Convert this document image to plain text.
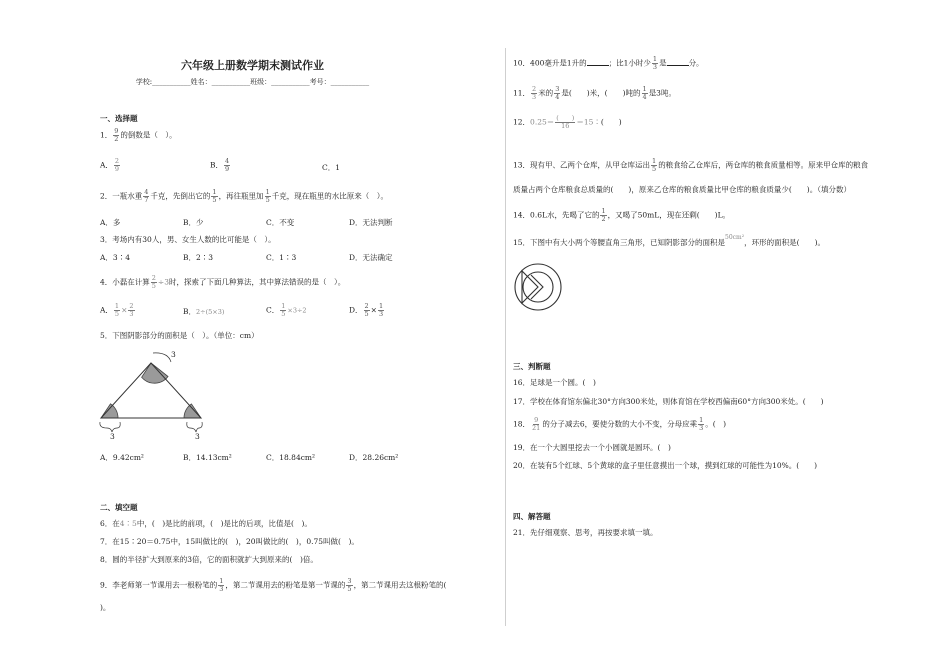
六年级上册数学期末测试作业
学校:___________姓名：___________班级：___________考号：___________
一、选择题
1． $\frac{9}{2}$ 的倒数是（　）。
A． $\frac{2}{9}$	B． $\frac{4}{9}$	C．1
2．一瓶水重 $\frac{4}{7}$ 千克，先倒出它的 $\frac{1}{5}$ ，再往瓶里加 $\frac{1}{5}$ 千克，现在瓶里的水比原来（　）。
A．多	B．少	C．不变	D．无法判断
3．考场内有30人，男、女生人数的比可能是（　）。
A．3∶4	B．2∶3	C．1∶3	D．无法确定
4．小磊在计算 $\frac{2}{5} \div 3$时，探索了下面几种算法，其中算法错误的是（　）。
A． $\frac{1}{5} \times \frac{2}{3}$	B．2÷(5×3)	C． $\frac{1}{5} \times 3\div 2$	D． $\frac{2}{5} \times \frac{1}{3}$
5．下图阴影部分的面积是（　）。（单位：cm）
3
3	3
A．9.42cm²	B．14.13cm²	C．18.84cm²	D．28.26cm²
二、填空题
6．在4∶5中，(　)是比的前项，(　)是比的后项，比值是(　)。
7．在15∶20＝0.75中，15叫做比的(　)，20叫做比的(　)，0.75叫做(　)。
8．圆的半径扩大到原来的3倍，它的面积就扩大到原来的(　)倍。
9．李老师第一节课用去一根粉笔的 $\frac{1}{3}$ ，第二节课用去的粉笔是第一节课的 $\frac{3}{5}$ ，第二节课用去这根粉笔的(
)。
10．400毫升是1升的	；比1小时少 $\frac{1}{3}$ 是	分。
11． $\frac{2}{3}$ 米的 $\frac{3}{4}$ 是(　　)米，(　　)吨的 $\frac{1}{4}$ 是3吨。
12．$0.25= \frac{( )}{16}$ ＝15∶(　　)
13．现有甲、乙两个仓库，从甲仓库运出 $\frac{1}{5}$ 的粮食给乙仓库后，两仓库的粮食质量相等。原来甲仓库的粮食
质量占两个仓库粮食总质量的(　　)，原来乙仓库的粮食质量比甲仓库的粮食质量少(　　)。（填分数）
14．0.6L水，先喝了它的 $\frac{1}{2}$ ，又喝了50mL，现在还剩(　　)L。
15．下图中有大小两个等腰直角三角形，已知阴影部分的面积是$^{50cm^2}$，环形的面积是(　　)。
三、判断题
16．足球是一个圆。(　)
17．学校在体育馆东偏北30°方向300米处，则体育馆在学校西偏南60°方向300米处。(　　)
18． $\frac{9}{21}$ 的分子减去6，要使分数的大小不变，分母应乘 $\frac{1}{3}$ 。(　)
19．在一个大圆里挖去一个小圆就是圆环。(　)
20．在装有5个红球、5个黄球的盒子里任意摸出一个球，摸到红球的可能性为10%。(　　)
四、解答题
21．先仔细观察、思考，再按要求填一填。
